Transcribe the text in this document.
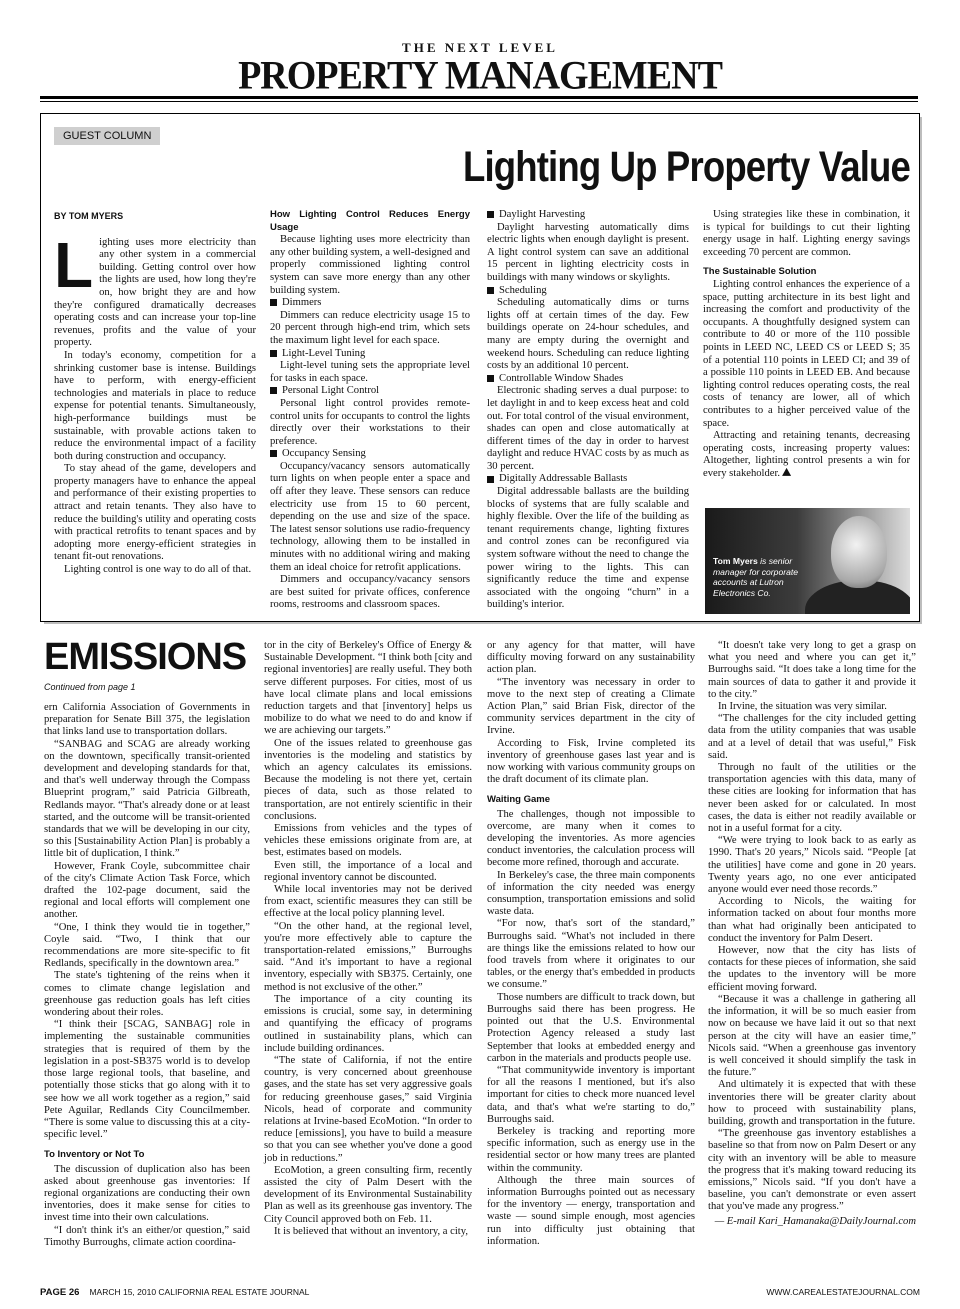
THE NEXT LEVEL
PROPERTY MANAGEMENT
GUEST COLUMN
Lighting Up Property Value
BY TOM MYERS
L ighting uses more electricity than any other system in a commercial building. Getting control over how the lights are used, how long they're on, how bright they are and how they're configured dramatically decreases operating costs and can increase your top-line revenues, profits and the value of your property.

In today's economy, competition for a shrinking customer base is intense. Buildings have to perform, with energy-efficient technologies and materials in place to reduce expense for potential tenants. Simultaneously, high-performance buildings must be sustainable, with provable actions taken to reduce the environmental impact of a facility both during construction and occupancy.

To stay ahead of the game, developers and property managers have to enhance the appeal and performance of their existing properties to attract and retain tenants. They also have to reduce the building's utility and operating costs with practical retrofits to tenant spaces and by adopting more energy-efficient strategies in tenant fit-out renovations.

Lighting control is one way to do all of that.

How Lighting Control Reduces Energy Usage

Because lighting uses more electricity than any other building system, a well-designed and properly commissioned lighting control system can save more energy than any other building system.

Dimmers

Dimmers can reduce electricity usage 15 to 20 percent through high-end trim, which sets the maximum light level for each space.

Light-Level Tuning

Light-level tuning sets the appropriate level for tasks in each space.

Personal Light Control

Personal light control provides remote-control units for occupants to control the lights directly over their workstations to their preference.

Occupancy Sensing

Occupancy/vacancy sensors automatically turn lights on when people enter a space and off after they leave. These sensors can reduce electricity use from 15 to 60 percent, depending on the use and size of the space. The latest sensor solutions use radio-frequency technology, allowing them to be installed in minutes with no additional wiring and making them an ideal choice for retrofit applications.

Dimmers and occupancy/vacancy sensors are best suited for private offices, conference rooms, restrooms and classroom spaces.

Daylight Harvesting

Daylight harvesting automatically dims electric lights when enough daylight is present. A light control system can save an additional 15 percent in lighting electricity costs in buildings with many windows or skylights.

Scheduling

Scheduling automatically dims or turns lights off at certain times of the day. Few buildings operate on 24-hour schedules, and many are empty during the overnight and weekend hours. Scheduling can reduce lighting costs by an additional 10 percent.

Controllable Window Shades

Electronic shading serves a dual purpose: to let daylight in and to keep excess heat and cold out. For total control of the visual environment, shades can open and close automatically at different times of the day in order to harvest daylight and reduce HVAC costs by as much as 30 percent.

Digitally Addressable Ballasts

Digital addressable ballasts are the building blocks of systems that are fully scalable and highly flexible. Over the life of the building as tenant requirements change, lighting fixtures and control zones can be reconfigured via system software without the need to change the power wiring to the lights. This can significantly reduce the time and expense associated with the ongoing “churn” in a building's interior.

Using strategies like these in combination, it is typical for buildings to cut their lighting energy usage in half. Lighting energy savings exceeding 70 percent are common.

The Sustainable Solution

Lighting control enhances the experience of a space, putting architecture in its best light and increasing the comfort and productivity of the occupants. A thoughtfully designed system can contribute to 40 or more of the 110 possible points in LEED NC, LEED CS or LEED S; 35 of a potential 110 points in LEED CI; and 39 of a possible 110 points in LEED EB. And because lighting control reduces operating costs, the real costs of tenancy are lower, all of which contributes to a higher perceived value of the space.

Attracting and retaining tenants, decreasing operating costs, increasing property values: Altogether, lighting control presents a win for every stakeholder.

Tom Myers is senior manager for corporate accounts at Lutron Electronics Co.
EMISSIONS
Continued from page 1

ern California Association of Governments in preparation for Senate Bill 375, the legislation that links land use to transportation dollars.

“SANBAG and SCAG are already working on the downtown, specifically transit-oriented development and developing standards for that, and that's well underway through the Compass Blueprint program,” said Patricia Gilbreath, Redlands mayor. “That's already done or at least started, and the outcome will be transit-oriented standards that we will be developing in our city, so this [Sustainability Action Plan] is probably a little bit of duplication, I think.”

However, Frank Coyle, subcommittee chair of the city's Climate Action Task Force, which drafted the 102-page document, said the regional and local efforts will complement one another.

“One, I think they would tie in together,” Coyle said. “Two, I think that our recommendations are more site-specific to fit Redlands, specifically in the downtown area.”

The state's tightening of the reins when it comes to climate change legislation and greenhouse gas reduction goals has left cities wondering about their roles.

“I think their [SCAG, SANBAG] role in implementing the sustainable communities strategies that is required of them by the legislation in a post-SB375 world is to develop those large regional tools, that baseline, and potentially those sticks that go along with it to see how we all work together as a region,” said Pete Aguilar, Redlands City Councilmember. “There is some value to discussing this at a city-specific level.”

To Inventory or Not To

The discussion of duplication also has been asked about greenhouse gas inventories: If regional organizations are conducting their own inventories, does it make sense for cities to invest time into their own calculations.

“I don't think it's an either/or question,” said Timothy Burroughs, climate action coordina-

tor in the city of Berkeley's Office of Energy & Sustainable Development. “I think both [city and regional inventories] are really useful. They both serve different purposes. For cities, most of us have local climate plans and local emissions reduction targets and that [inventory] helps us mobilize to do what we need to do and know if we are achieving our targets.”

One of the issues related to greenhouse gas inventories is the modeling and statistics by which an agency calculates its emissions. Because the modeling is not there yet, certain pieces of data, such as those related to transportation, are not entirely scientific in their conclusions.

Emissions from vehicles and the types of vehicles these emissions originate from are, at best, estimates based on models.

Even still, the importance of a local and regional inventory cannot be discounted.

While local inventories may not be derived from exact, scientific measures they can still be effective at the local policy planning level.

“On the other hand, at the regional level, you're more effectively able to capture the transportation-related emissions,” Burroughs said. “And it's important to have a regional inventory, especially with SB375. Certainly, one method is not exclusive of the other.”

The importance of a city counting its emissions is crucial, some say, in determining and quantifying the efficacy of programs outlined in sustainability plans, which can include building ordinances.

“The state of California, if not the entire country, is very concerned about greenhouse gases, and the state has set very aggressive goals for reducing greenhouse gases,” said Virginia Nicols, head of corporate and community relations at Irvine-based EcoMotion. “In order to reduce [emissions], you have to build a measure so that you can see whether you've done a good job in reductions.”

EcoMotion, a green consulting firm, recently assisted the city of Palm Desert with the development of its Environmental Sustainability Plan as well as its greenhouse gas inventory. The City Council approved both on Feb. 11.

It is believed that without an inventory, a city,

or any agency for that matter, will have difficulty moving forward on any sustainability action plan.

“The inventory was necessary in order to move to the next step of creating a Climate Action Plan,” said Brian Fisk, director of the community services department in the city of Irvine.

According to Fisk, Irvine completed its inventory of greenhouse gases last year and is now working with various community groups on the draft document of its climate plan.

Waiting Game

The challenges, though not impossible to overcome, are many when it comes to developing the inventories. As more agencies conduct inventories, the calculation process will become more refined, thorough and accurate.

In Berkeley's case, the three main components of information the city needed was energy consumption, transportation emissions and solid waste data.

“For now, that's sort of the standard,” Burroughs said. “What's not included in there are things like the emissions related to how our food travels from where it originates to our tables, or the energy that's embedded in products we consume.”

Those numbers are difficult to track down, but Burroughs said there has been progress. He pointed out that the U.S. Environmental Protection Agency released a study last September that looks at embedded energy and carbon in the materials and products people use.

“That communitywide inventory is important for all the reasons I mentioned, but it's also important for cities to check more nuanced level data, and that's what we're starting to do,” Burroughs said.

Berkeley is tracking and reporting more specific information, such as energy use in the residential sector or how many trees are planted within the community.

Although the three main sources of information Burroughs pointed out as necessary for the inventory — energy, transportation and waste — sound simple enough, most agencies run into difficulty just obtaining that information.

“It doesn't take very long to get a grasp on what you need and where you can get it,” Burroughs said. “It does take a long time for the main sources of data to gather it and provide it to the city.”

In Irvine, the situation was very similar.

“The challenges for the city included getting data from the utility companies that was usable and at a level of detail that was useful,” Fisk said.

Through no fault of the utilities or the transportation agencies with this data, many of these cities are looking for information that has never been asked for or calculated. In most cases, the data is either not readily available or not in a useful format for a city.

“We were trying to look back to as early as 1990. That's 20 years,” Nicols said. “People [at the utilities] have come and gone in 20 years. Twenty years ago, no one ever anticipated anyone would ever need those records.”

According to Nicols, the waiting for information tacked on about four months more than what had originally been anticipated to conduct the inventory for Palm Desert.

However, now that the city has lists of contacts for these pieces of information, she said the updates to the inventory will be more efficient moving forward.

“Because it was a challenge in gathering all the information, it will be so much easier from now on because we have laid it out so that next person at the city will have an easier time,” Nicols said. “When a greenhouse gas inventory is well conceived it should simplify the task in the future.”

And ultimately it is expected that with these inventories there will be greater clarity about how to proceed with sustainability plans, building, growth and transportation in the future.

“The greenhouse gas inventory establishes a baseline so that from now on Palm Desert or any city with an inventory will be able to measure the progress that it's making toward reducing its emissions,” Nicols said. “If you don't have a baseline, you can't demonstrate or even assert that you've made any progress.”

— E-mail Kari_Hamanaka@DailyJournal.com

PAGE 26 MARCH 15, 2010 CALIFORNIA REAL ESTATE JOURNAL	WWW.CAREALESTATEJOURNAL.COM
